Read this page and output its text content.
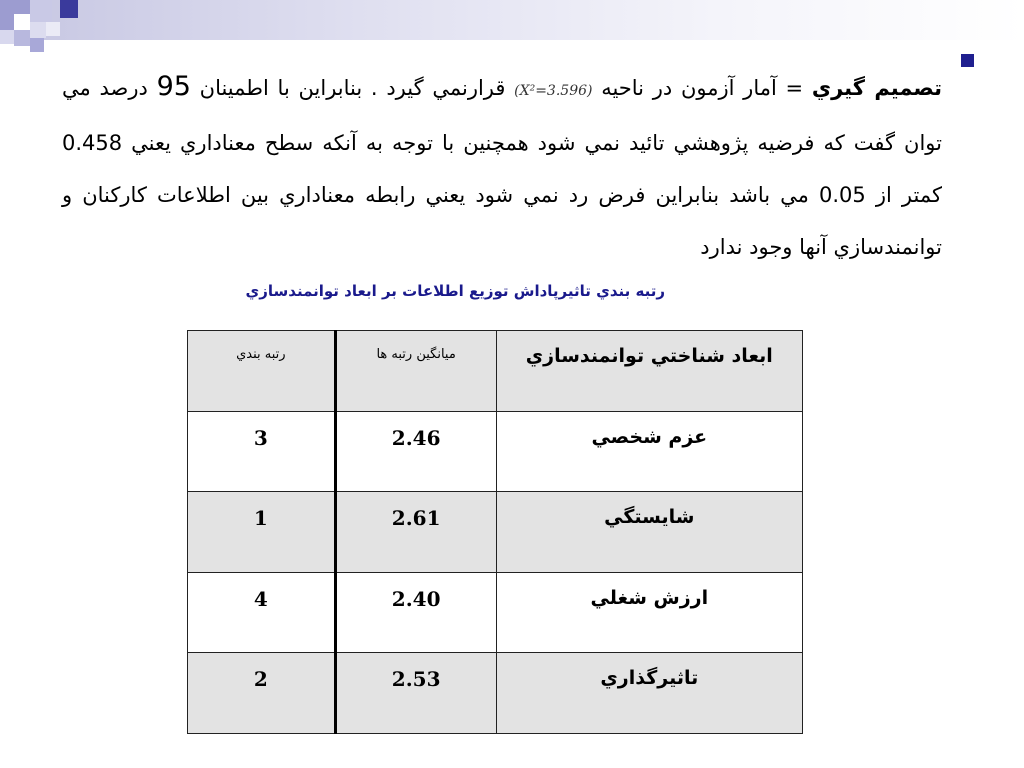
تصميم گيري = آمار آزمون در ناحيه (X²=3.596) قرارنمي گيرد . بنابراين با اطمينان 95 درصد مي توان گفت كه فرضيه پژوهشي تائيد نمي شود همچنين با توجه به آنكه سطح معناداري يعني 0.458 كمتر از 0.05 مي باشد بنابراين فرض رد نمي شود يعني رابطه معناداري بين اطلاعات كاركنان و توانمندسازي آنها وجود ندارد

رتبه بندي تاثيرپاداش توزيع اطلاعات بر ابعاد توانمندسازي
ابعاد شناختي توانمندسازي	ميانگين رتبه ها	رتبه بندي
عزم شخصي	2.46	3
شايستگي	2.61	1
ارزش شغلي	2.40	4
تاثيرگذاري	2.53	2
